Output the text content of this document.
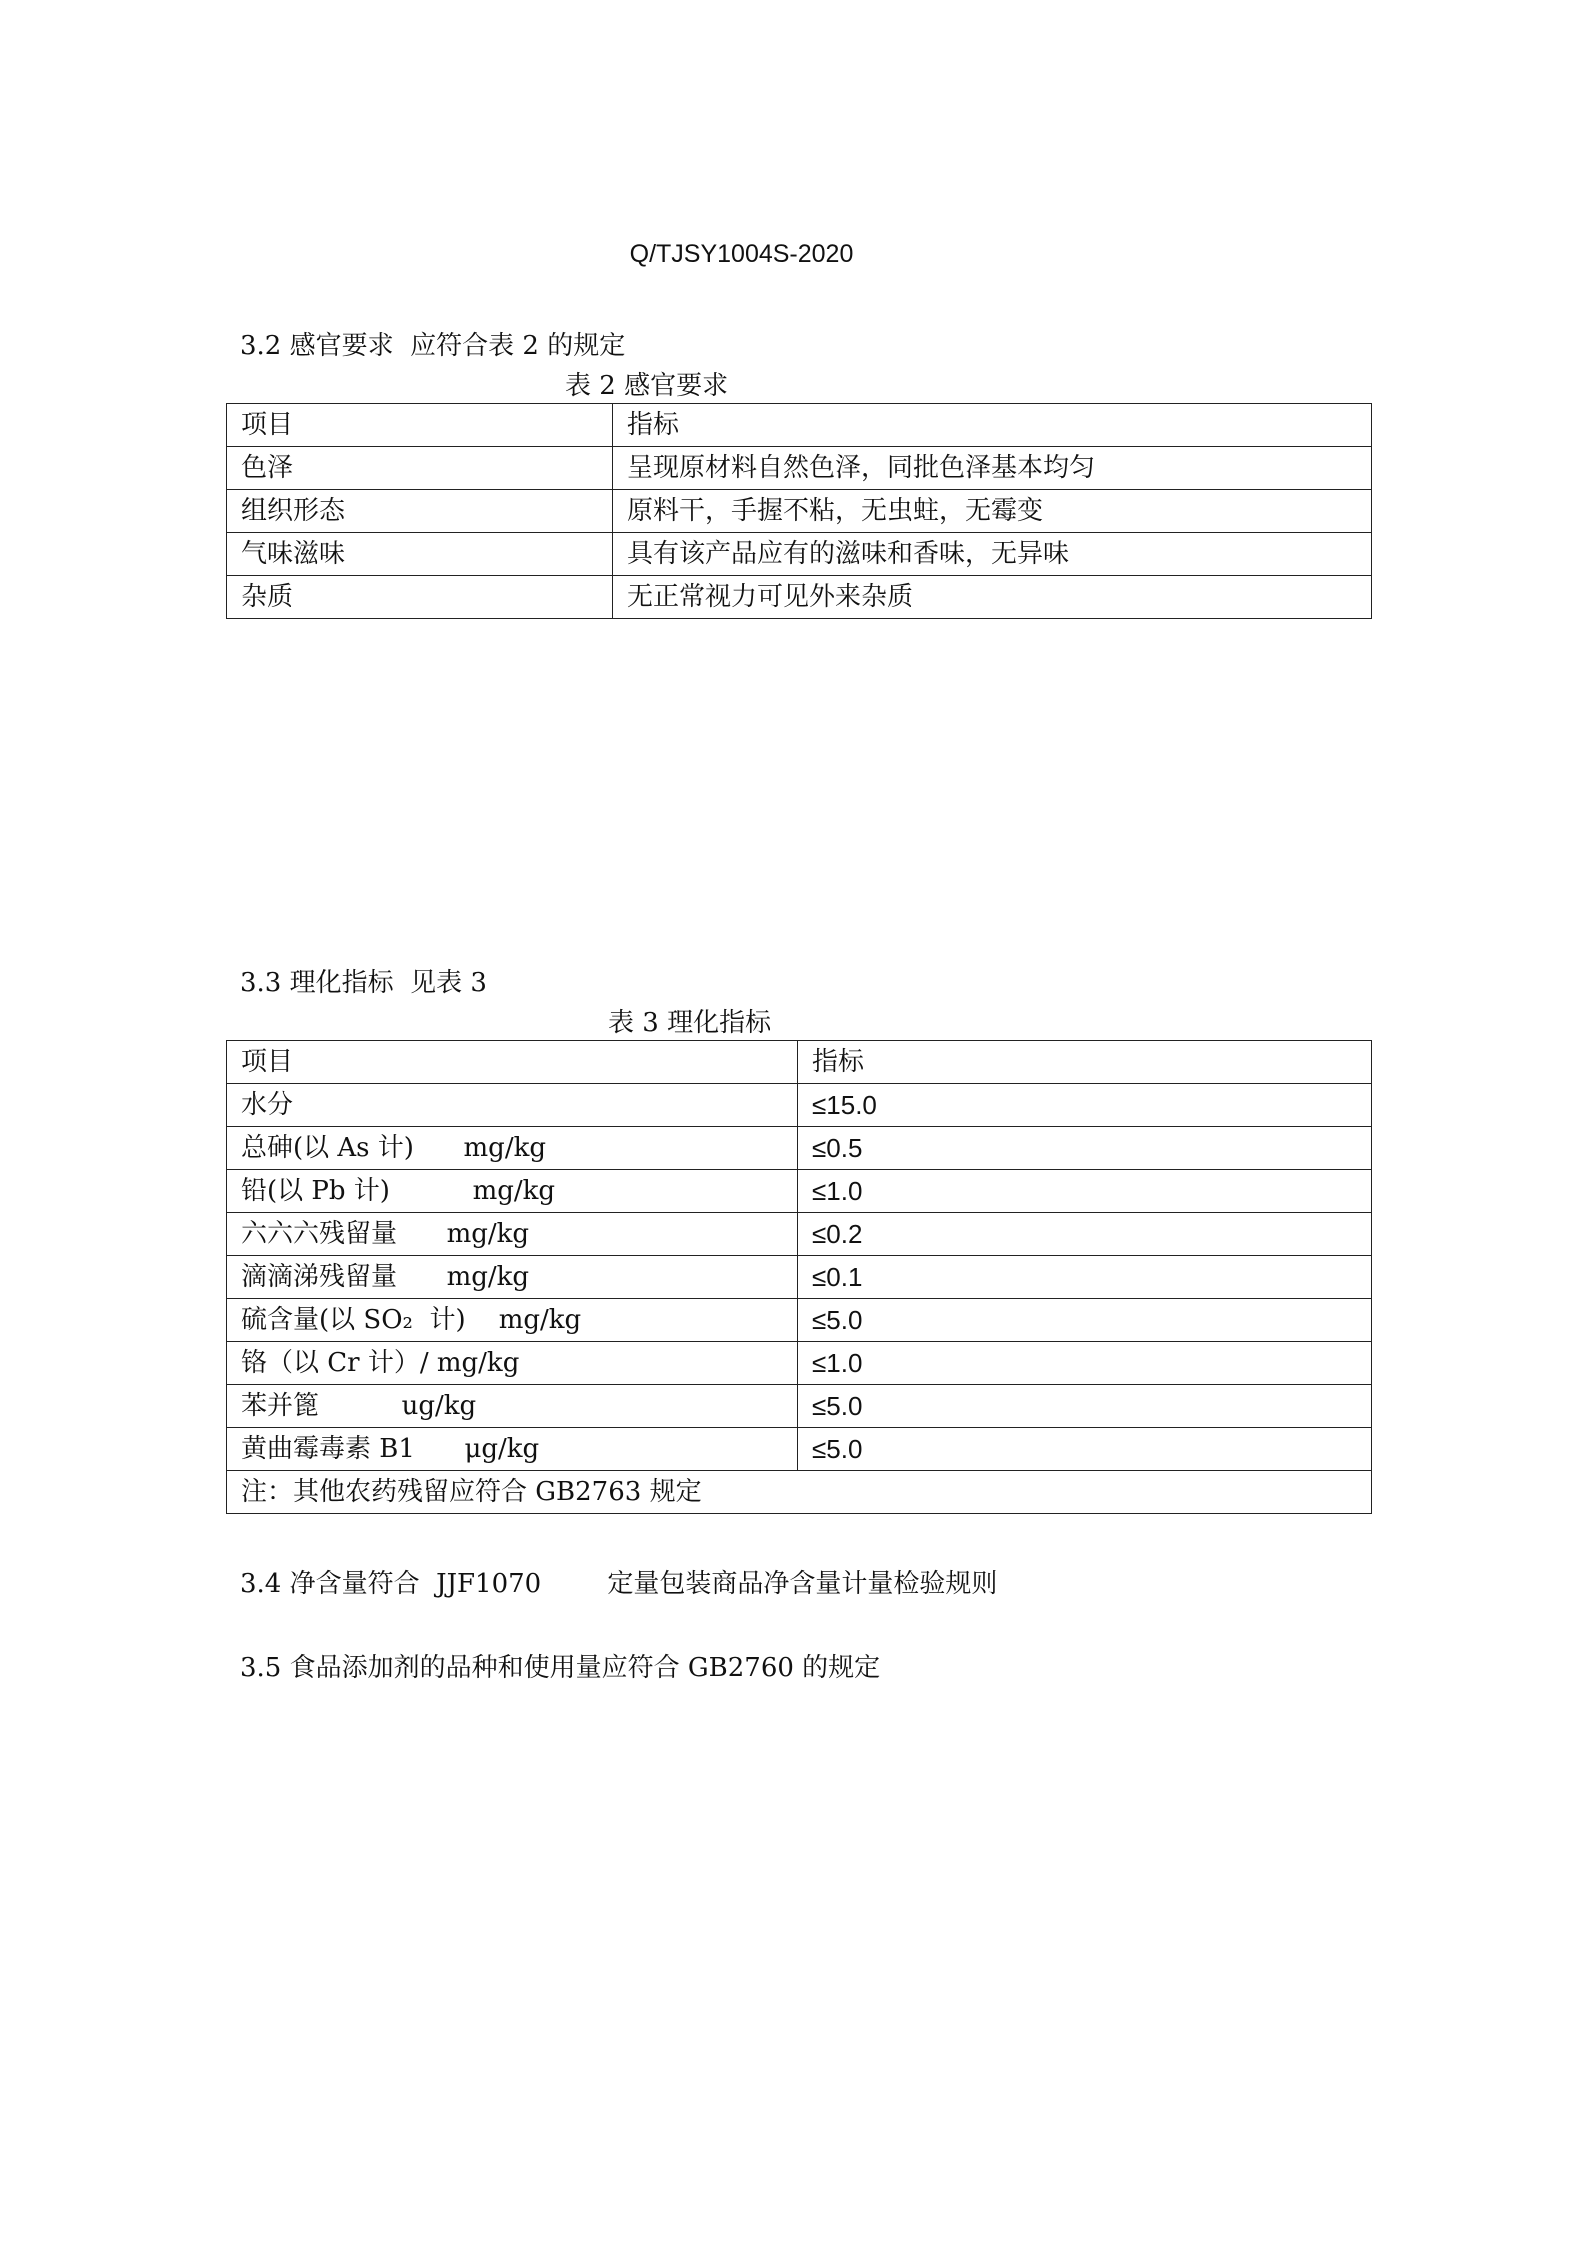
Q/TJSY1004S-2020
3.2 感官要求  应符合表 2 的规定
表 2 感官要求
项目	指标
色泽	呈现原材料自然色泽，同批色泽基本均匀
组织形态	原料干，手握不粘，无虫蛀，无霉变
气味滋味	具有该产品应有的滋味和香味，无异味
杂质	无正常视力可见外来杂质
3.3 理化指标  见表 3
表 3 理化指标
项目	指标
水分	≤15.0
总砷(以 As 计)      mg/kg	≤0.5
铅(以 Pb 计)          mg/kg	≤1.0
六六六残留量      mg/kg	≤0.2
滴滴涕残留量      mg/kg	≤0.1
硫含量(以 SO₂  计)    mg/kg	≤5.0
铬（以 Cr 计）/ mg/kg	≤1.0
苯并篦          ug/kg	≤5.0
黄曲霉毒素 B1      μg/kg	≤5.0
注：其他农药残留应符合 GB2763 规定	
3.4 净含量符合  JJF1070        定量包装商品净含量计量检验规则
3.5 食品添加剂的品种和使用量应符合 GB2760 的规定
